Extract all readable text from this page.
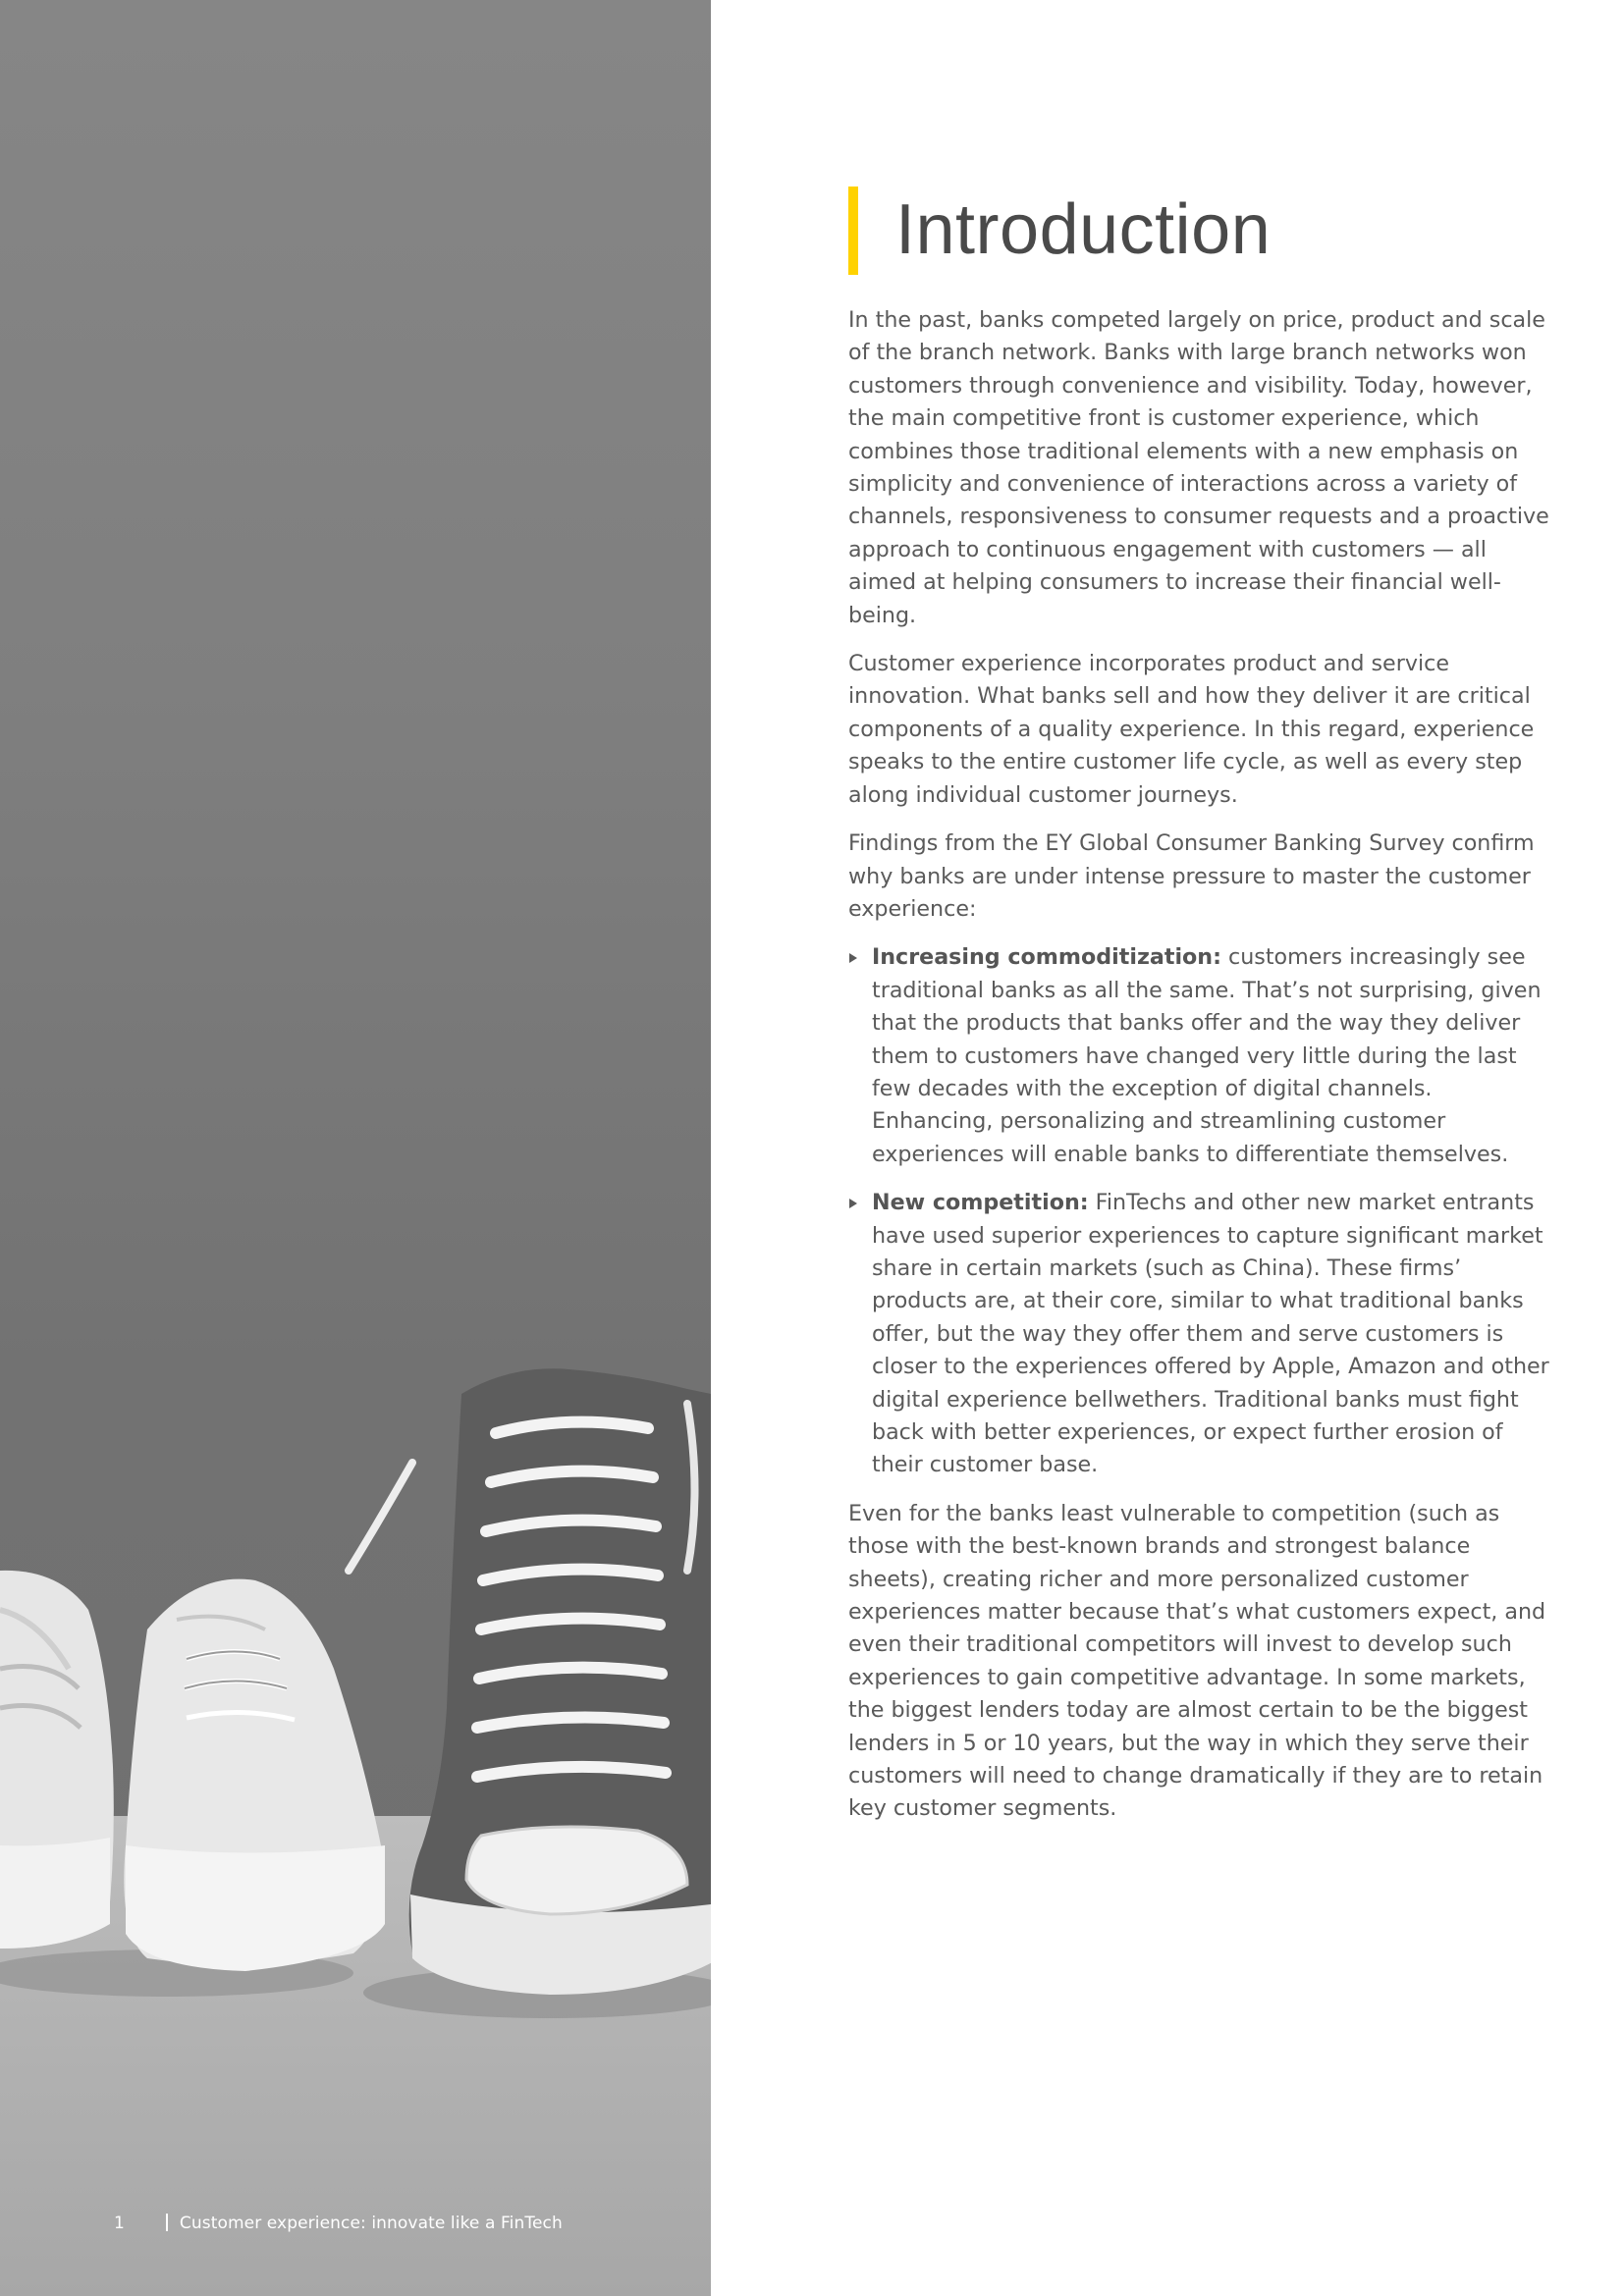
1	Customer experience: innovate like a FinTech
Introduction

In the past, banks competed largely on price, product and scale of the branch network. Banks with large branch networks won customers through convenience and visibility. Today, however, the main competitive front is customer experience, which combines those traditional elements with a new emphasis on simplicity and convenience of interactions across a variety of channels, responsiveness to consumer requests and a proactive approach to continuous engagement with customers — all aimed at helping consumers to increase their financial well-being.

Customer experience incorporates product and service innovation. What banks sell and how they deliver it are critical components of a quality experience. In this regard, experience speaks to the entire customer life cycle, as well as every step along individual customer journeys.

Findings from the EY Global Consumer Banking Survey confirm why banks are under intense pressure to master the customer experience:

Increasing commoditization: customers increasingly see traditional banks as all the same. That’s not surprising, given that the products that banks offer and the way they deliver them to customers have changed very little during the last few decades with the exception of digital channels. Enhancing, personalizing and streamlining customer experiences will enable banks to differentiate themselves.
New competition: FinTechs and other new market entrants have used superior experiences to capture significant market share in certain markets (such as China). These firms’ products are, at their core, similar to what traditional banks offer, but the way they offer them and serve customers is closer to the experiences offered by Apple, Amazon and other digital experience bellwethers. Traditional banks must fight back with better experiences, or expect further erosion of their customer base.

Even for the banks least vulnerable to competition (such as those with the best-known brands and strongest balance sheets), creating richer and more personalized customer experiences matter because that’s what customers expect, and even their traditional competitors will invest to develop such experiences to gain competitive advantage. In some markets, the biggest lenders today are almost certain to be the biggest lenders in 5 or 10 years, but the way in which they serve their customers will need to change dramatically if they are to retain key customer segments.
